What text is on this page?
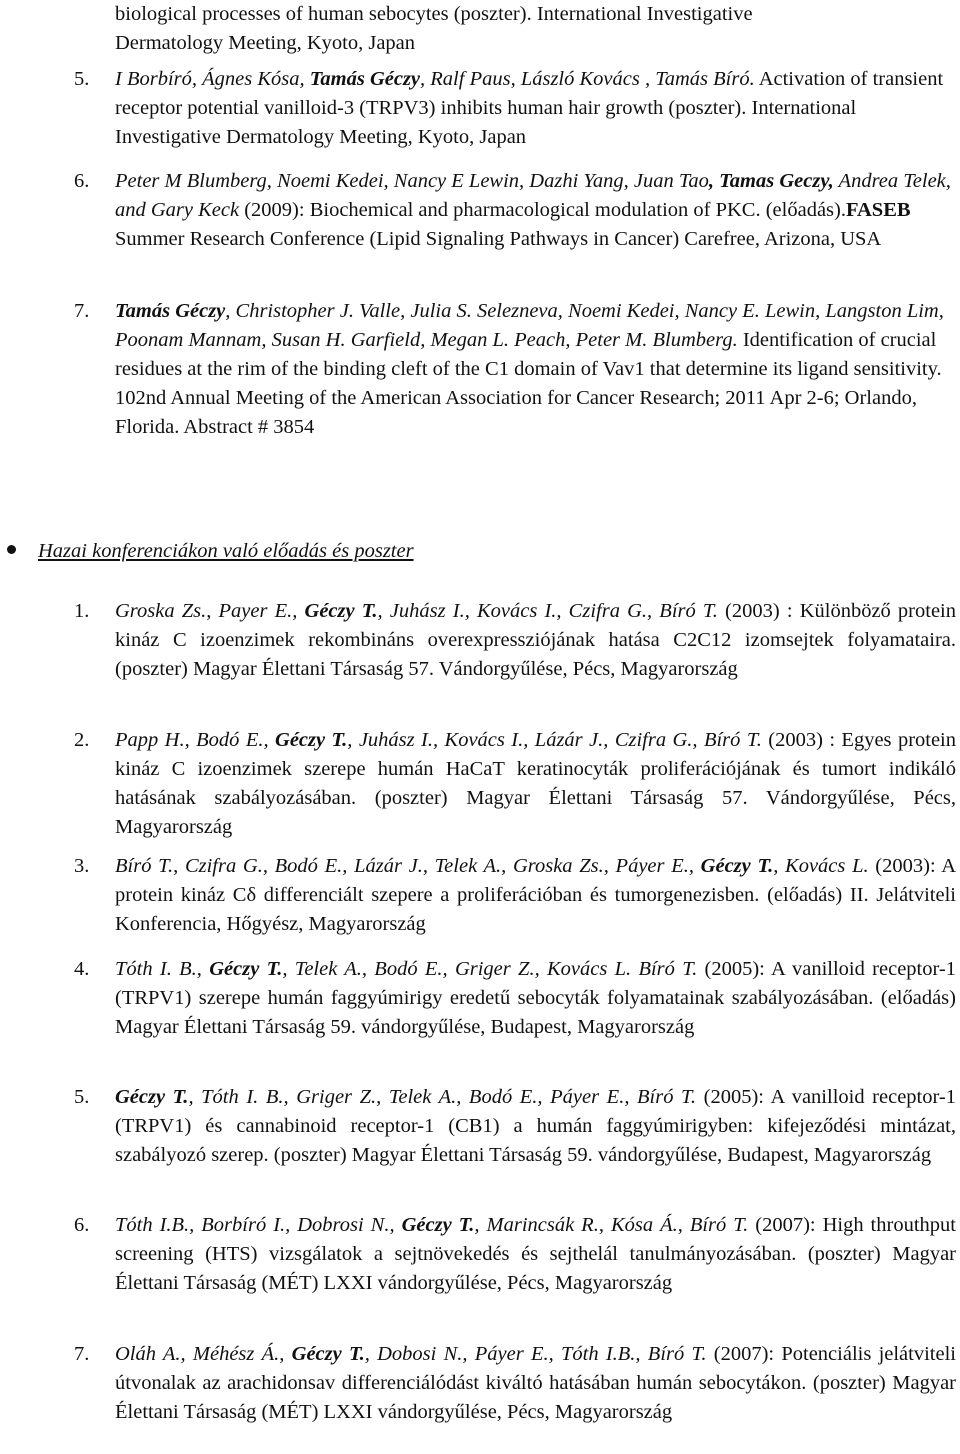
biological processes of human sebocytes (poszter). International Investigative
Dermatology Meeting, Kyoto, Japan
5. I Borbíró, Ágnes Kósa, Tamás Géczy, Ralf Paus, László Kovács , Tamás Bíró. Activation of transient receptor potential vanilloid-3 (TRPV3) inhibits human hair growth (poszter). International Investigative Dermatology Meeting, Kyoto, Japan
6. Peter M Blumberg, Noemi Kedei, Nancy E Lewin, Dazhi Yang, Juan Tao, Tamas Geczy, Andrea Telek, and Gary Keck (2009): Biochemical and pharmacological modulation of PKC. (előadás).FASEB Summer Research Conference (Lipid Signaling Pathways in Cancer) Carefree, Arizona, USA
7. Tamás Géczy, Christopher J. Valle, Julia S. Selezneva, Noemi Kedei, Nancy E. Lewin, Langston Lim, Poonam Mannam, Susan H. Garfield, Megan L. Peach, Peter M. Blumberg. Identification of crucial residues at the rim of the binding cleft of the C1 domain of Vav1 that determine its ligand sensitivity. 102nd Annual Meeting of the American Association for Cancer Research; 2011 Apr 2-6; Orlando, Florida. Abstract # 3854
Hazai konferenciákon való előadás és poszter
1. Groska Zs., Payer E., Géczy T., Juhász I., Kovács I., Czifra G., Bíró T. (2003) : Különböző protein kináz C izoenzimek rekombináns overexpressziójának hatása C2C12 izomsejtek folyamataira. (poszter) Magyar Élettani Társaság 57. Vándorgyűlése, Pécs, Magyarország
2. Papp H., Bodó E., Géczy T., Juhász I., Kovács I., Lázár J., Czifra G., Bíró T. (2003) : Egyes protein kináz C izoenzimek szerepe humán HaCaT keratinocyták proliferációjának és tumort indikáló hatásának szabályozásában. (poszter) Magyar Élettani Társaság 57. Vándorgyűlése, Pécs, Magyarország
3. Bíró T., Czifra G., Bodó E., Lázár J., Telek A., Groska Zs., Páyer E., Géczy T., Kovács L. (2003): A protein kináz Cδ differenciált szepere a proliferációban és tumorgenezisben. (előadás) II. Jelátviteli Konferencia, Hőgyész, Magyarország
4. Tóth I. B., Géczy T., Telek A., Bodó E., Griger Z., Kovács L. Bíró T. (2005): A vanilloid receptor-1 (TRPV1) szerepe humán faggyúmirigy eredetű sebocyták folyamatainak szabályozásában. (előadás) Magyar Élettani Társaság 59. vándorgyűlése, Budapest, Magyarország
5. Géczy T., Tóth I. B., Griger Z., Telek A., Bodó E., Páyer E., Bíró T. (2005): A vanilloid receptor-1 (TRPV1) és cannabinoid receptor-1 (CB1) a humán faggyúmirigyben: kifejeződési mintázat, szabályozó szerep. (poszter) Magyar Élettani Társaság 59. vándorgyűlése, Budapest, Magyarország
6. Tóth I.B., Borbíró I., Dobrosi N., Géczy T., Marincsák R., Kósa Á., Bíró T. (2007): High throuthput screening (HTS) vizsgálatok a sejtnövekedés és sejthelál tanulmányozásában. (poszter) Magyar Élettani Társaság (MÉT) LXXI vándorgyűlése, Pécs, Magyarország
7. Oláh A., Méhész Á., Géczy T., Dobosi N., Páyer E., Tóth I.B., Bíró T. (2007): Potenciális jelátviteli útvonalak az arachidonsav differenciálódást kiváltó hatásában humán sebocytákon. (poszter) Magyar Élettani Társaság (MÉT) LXXI vándorgyűlése, Pécs, Magyarország
